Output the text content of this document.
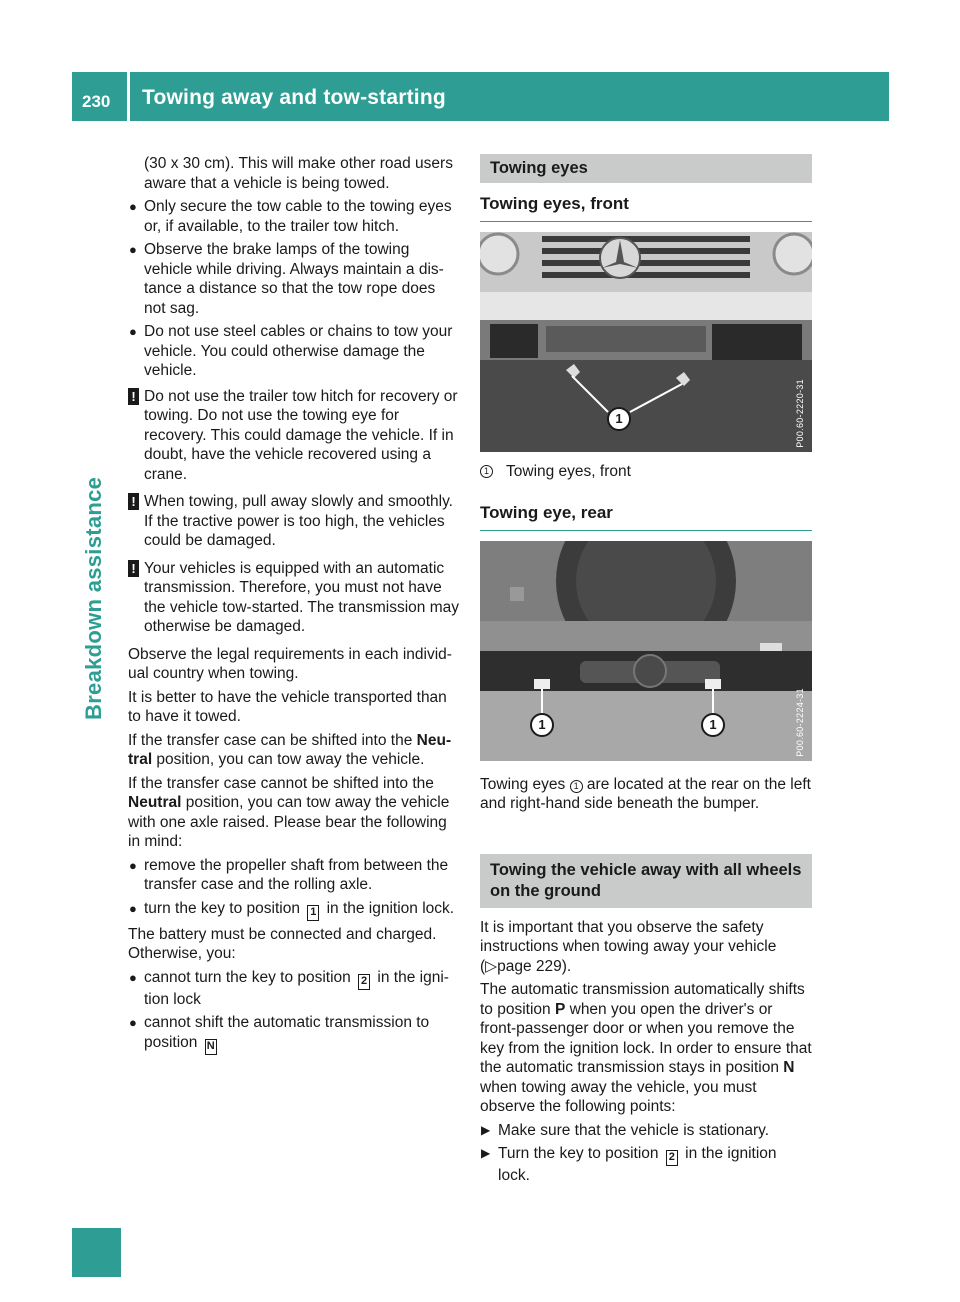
230 Towing away and tow-starting
Breakdown assistance

(30 x 30 cm). This will make other road users aware that a vehicle is being towed.

● Only secure the tow cable to the towing eyes or, if available, to the trailer tow hitch.
● Observe the brake lamps of the towing vehicle while driving. Always maintain a dis-tance a distance so that the tow rope does not sag.
● Do not use steel cables or chains to tow your vehicle. You could otherwise damage the vehicle.
! Do not use the trailer tow hitch for recovery or towing. Do not use the towing eye for recovery. This could damage the vehicle. If in doubt, have the vehicle recovered using a crane.
! When towing, pull away slowly and smoothly. If the tractive power is too high, the vehicles could be damaged.
! Your vehicles is equipped with an automatic transmission. Therefore, you must not have the vehicle tow-started. The transmission may otherwise be damaged.

Observe the legal requirements in each individ-ual country when towing.

It is better to have the vehicle transported than to have it towed.

If the transfer case can be shifted into the Neu-tral position, you can tow away the vehicle.

If the transfer case cannot be shifted into the Neutral position, you can tow away the vehicle with one axle raised. Please bear the following in mind:

● remove the propeller shaft from between the transfer case and the rolling axle.
● turn the key to position 1 in the ignition lock.

The battery must be connected and charged. Otherwise, you:

● cannot turn the key to position 2 in the igni-tion lock
● cannot shift the automatic transmission to position N
Towing eyes
Towing eyes, front
1	P00.60-2220-31
1 Towing eyes, front
Towing eye, rear
1	1	P00.60-2224-31

Towing eyes 1 are located at the rear on the left and right-hand side beneath the bumper.

Towing the vehicle away with all wheels on the ground

It is important that you observe the safety instructions when towing away your vehicle (▷page 229).

The automatic transmission automatically shifts to position P when you open the driver's or front-passenger door or when you remove the key from the ignition lock. In order to ensure that the automatic transmission stays in position N when towing away the vehicle, you must observe the following points:

▶ Make sure that the vehicle is stationary.
▶ Turn the key to position 2 in the ignition lock.
